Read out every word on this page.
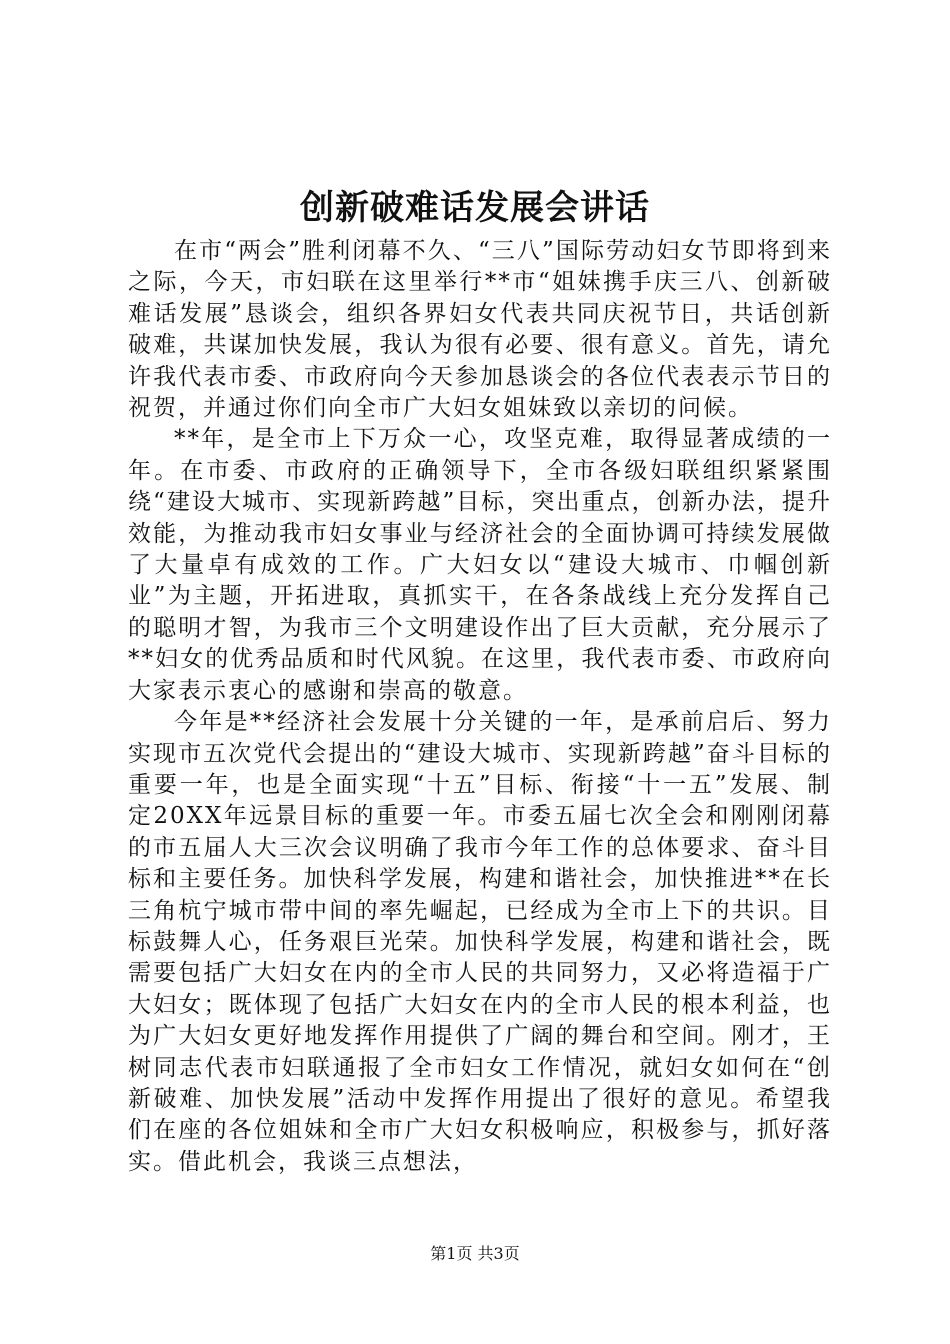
创新破难话发展会讲话

在市“两会”胜利闭幕不久、“三八”国际劳动妇女节即将到来之际，今天，市妇联在这里举行**市“姐妹携手庆三八、创新破难话发展”恳谈会，组织各界妇女代表共同庆祝节日，共话创新破难，共谋加快发展，我认为很有必要、很有意义。首先，请允许我代表市委、市政府向今天参加恳谈会的各位代表表示节日的祝贺，并通过你们向全市广大妇女姐妹致以亲切的问候。

**年，是全市上下万众一心，攻坚克难，取得显著成绩的一年。在市委、市政府的正确领导下，全市各级妇联组织紧紧围绕“建设大城市、实现新跨越”目标，突出重点，创新办法，提升效能，为推动我市妇女事业与经济社会的全面协调可持续发展做了大量卓有成效的工作。广大妇女以“建设大城市、巾帼创新业”为主题，开拓进取，真抓实干，在各条战线上充分发挥自己的聪明才智，为我市三个文明建设作出了巨大贡献，充分展示了**妇女的优秀品质和时代风貌。在这里，我代表市委、市政府向大家表示衷心的感谢和崇高的敬意。

今年是**经济社会发展十分关键的一年，是承前启后、努力实现市五次党代会提出的“建设大城市、实现新跨越”奋斗目标的重要一年，也是全面实现“十五”目标、衔接“十一五”发展、制定20XX年远景目标的重要一年。市委五届七次全会和刚刚闭幕的市五届人大三次会议明确了我市今年工作的总体要求、奋斗目标和主要任务。加快科学发展，构建和谐社会，加快推进**在长三角杭宁城市带中间的率先崛起，已经成为全市上下的共识。目标鼓舞人心，任务艰巨光荣。加快科学发展，构建和谐社会，既需要包括广大妇女在内的全市人民的共同努力，又必将造福于广大妇女；既体现了包括广大妇女在内的全市人民的根本利益，也为广大妇女更好地发挥作用提供了广阔的舞台和空间。刚才，王树同志代表市妇联通报了全市妇女工作情况，就妇女如何在“创新破难、加快发展”活动中发挥作用提出了很好的意见。希望我们在座的各位姐妹和全市广大妇女积极响应，积极参与，抓好落实。借此机会，我谈三点想法，

第1页 共3页
